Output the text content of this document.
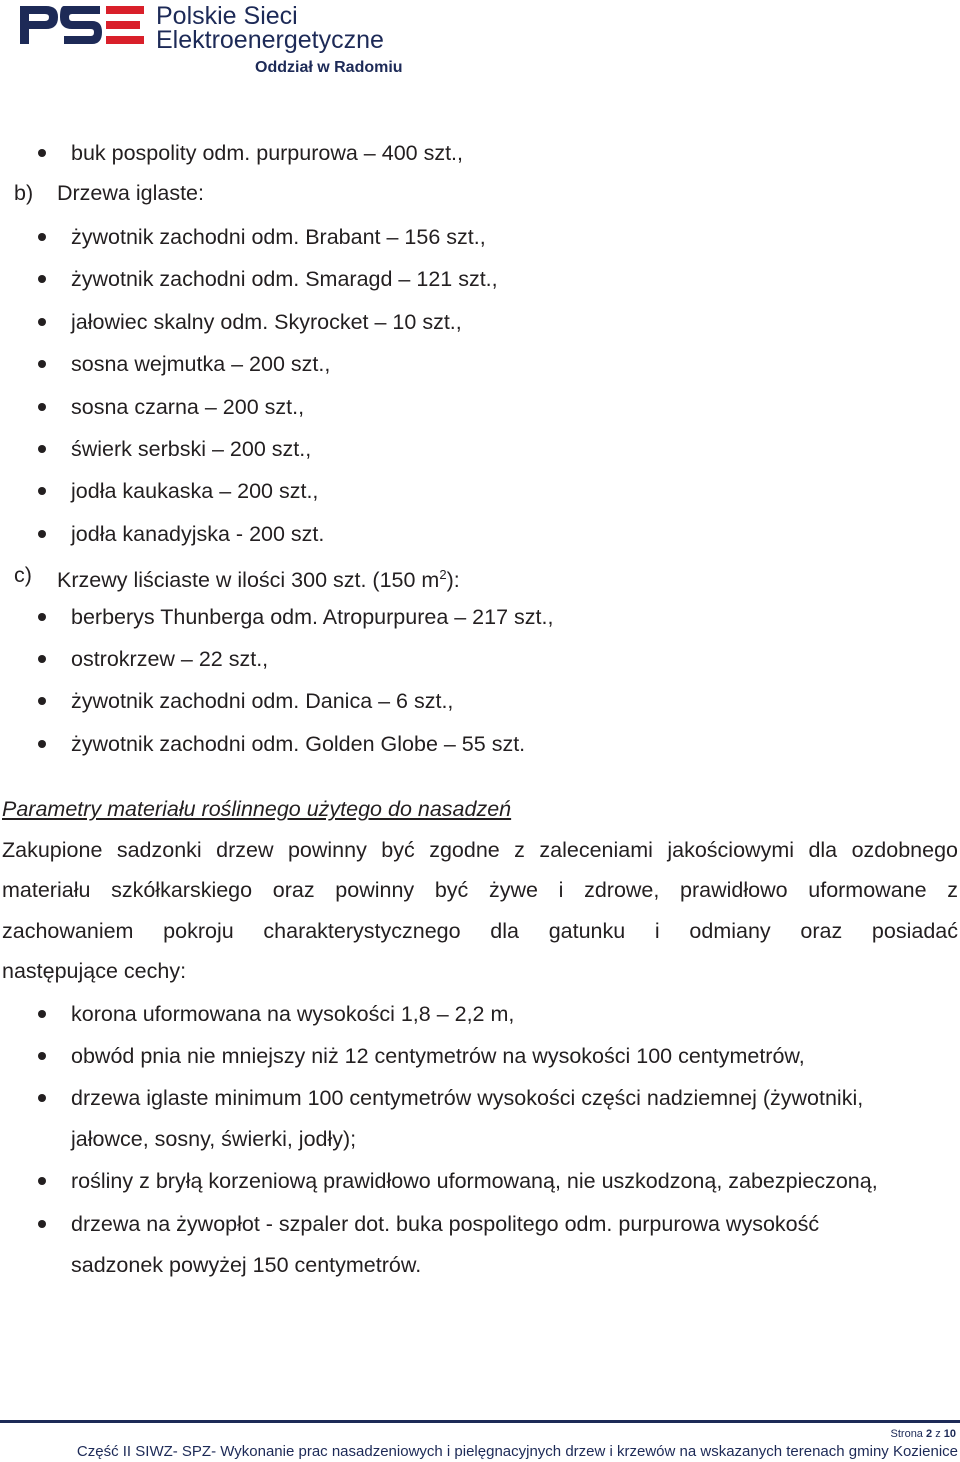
Polskie Sieci
Elektroenergetyczne
Oddział w Radomiu
buk pospolity odm. purpurowa – 400 szt.,
b) Drzewa iglaste:
żywotnik zachodni odm. Brabant – 156 szt.,
żywotnik zachodni odm. Smaragd – 121 szt.,
jałowiec skalny odm. Skyrocket – 10 szt.,
sosna wejmutka – 200 szt.,
sosna czarna – 200 szt.,
świerk serbski – 200 szt.,
jodła kaukaska – 200 szt.,
jodła kanadyjska - 200 szt.
c) Krzewy liściaste w ilości 300 szt. (150 $m^2$):
berberys Thunberga odm. Atropurpurea – 217 szt.,
ostrokrzew – 22 szt.,
żywotnik zachodni odm. Danica – 6 szt.,
żywotnik zachodni odm. Golden Globe – 55 szt.
Parametry materiału roślinnego użytego do nasadzeń
Zakupione sadzonki drzew powinny być zgodne z zaleceniami jakościowymi dla ozdobnego
materiału szkółkarskiego oraz powinny być żywe i zdrowe, prawidłowo uformowane z
zachowaniem pokroju charakterystycznego dla gatunku i odmiany oraz posiadać
następujące cechy:
korona uformowana na wysokości 1,8 – 2,2 m,
obwód pnia nie mniejszy niż 12 centymetrów na wysokości 100 centymetrów,
drzewa iglaste minimum 100 centymetrów wysokości części nadziemnej (żywotniki,
jałowce, sosny, świerki, jodły);
rośliny z bryłą korzeniową prawidłowo uformowaną, nie uszkodzoną, zabezpieczoną,
drzewa na żywopłot - szpaler dot. buka pospolitego odm. purpurowa wysokość
sadzonek powyżej 150 centymetrów.
Strona 2 z 10
Część II SIWZ- SPZ- Wykonanie prac nasadzeniowych i pielęgnacyjnych drzew i krzewów na wskazanych terenach gminy Kozienice
